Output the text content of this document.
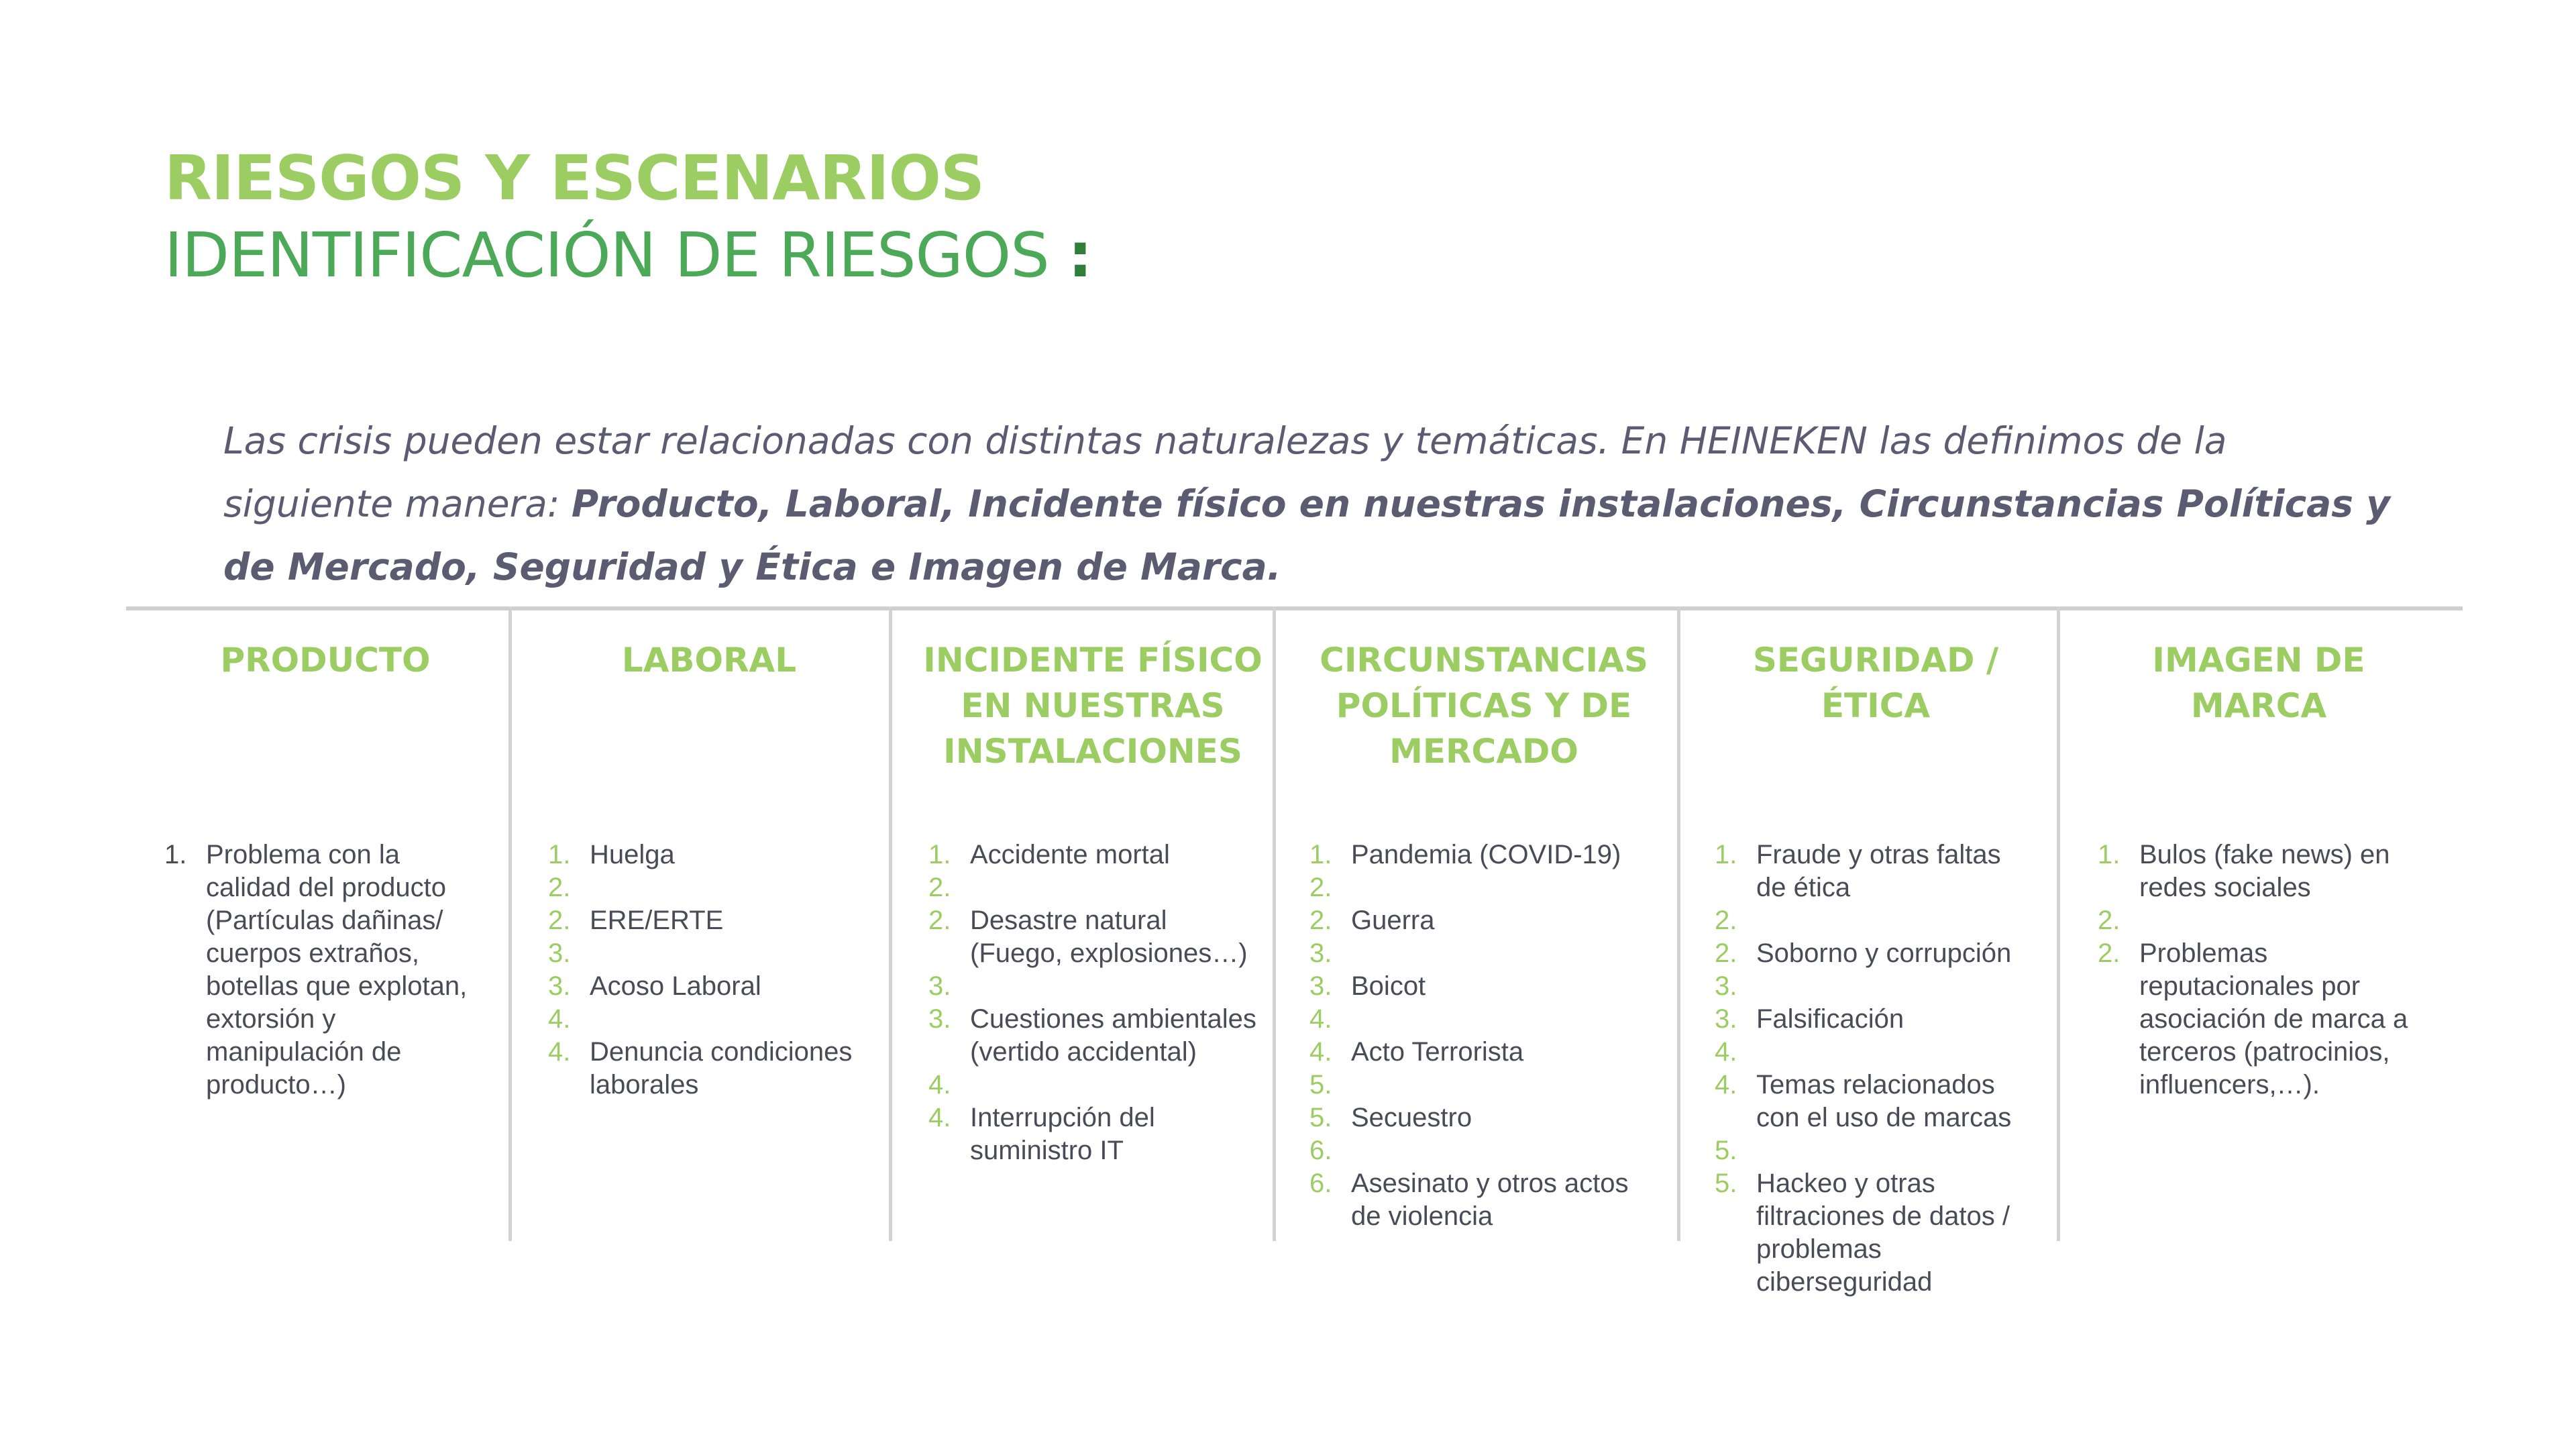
RIESGOS Y ESCENARIOS
IDENTIFICACIÓN DE RIESGOS :
Las crisis pueden estar relacionadas con distintas naturalezas y temáticas. En HEINEKEN las definimos de la siguiente manera: Producto, Laboral, Incidente físico en nuestras instalaciones, Circunstancias Políticas y de Mercado, Seguridad y Ética e Imagen de Marca.
PRODUCTO
1. Problema con la calidad del producto (Partículas dañinas/ cuerpos extraños, botellas que explotan, extorsión y manipulación de producto…)
LABORAL
1. Huelga
2.
2. ERE/ERTE
3.
3. Acoso Laboral
4.
4. Denuncia condiciones laborales
INCIDENTE FÍSICO EN NUESTRAS INSTALACIONES
1. Accidente mortal
2.
2. Desastre natural (Fuego, explosiones…)
3.
3. Cuestiones ambientales (vertido accidental)
4.
4. Interrupción del suministro IT
CIRCUNSTANCIAS POLÍTICAS Y DE MERCADO
1. Pandemia (COVID-19)
2.
2. Guerra
3.
3. Boicot
4.
4. Acto Terrorista
5.
5. Secuestro
6.
6. Asesinato y otros actos de violencia
SEGURIDAD / ÉTICA
1. Fraude y otras faltas de ética
2.
2. Soborno y corrupción
3.
3. Falsificación
4.
4. Temas relacionados con el uso de marcas
5.
5. Hackeo y otras filtraciones de datos / problemas ciberseguridad
IMAGEN DE MARCA
1. Bulos (fake news) en redes sociales
2.
2. Problemas reputacionales por asociación de marca a terceros (patrocinios, influencers,…).
